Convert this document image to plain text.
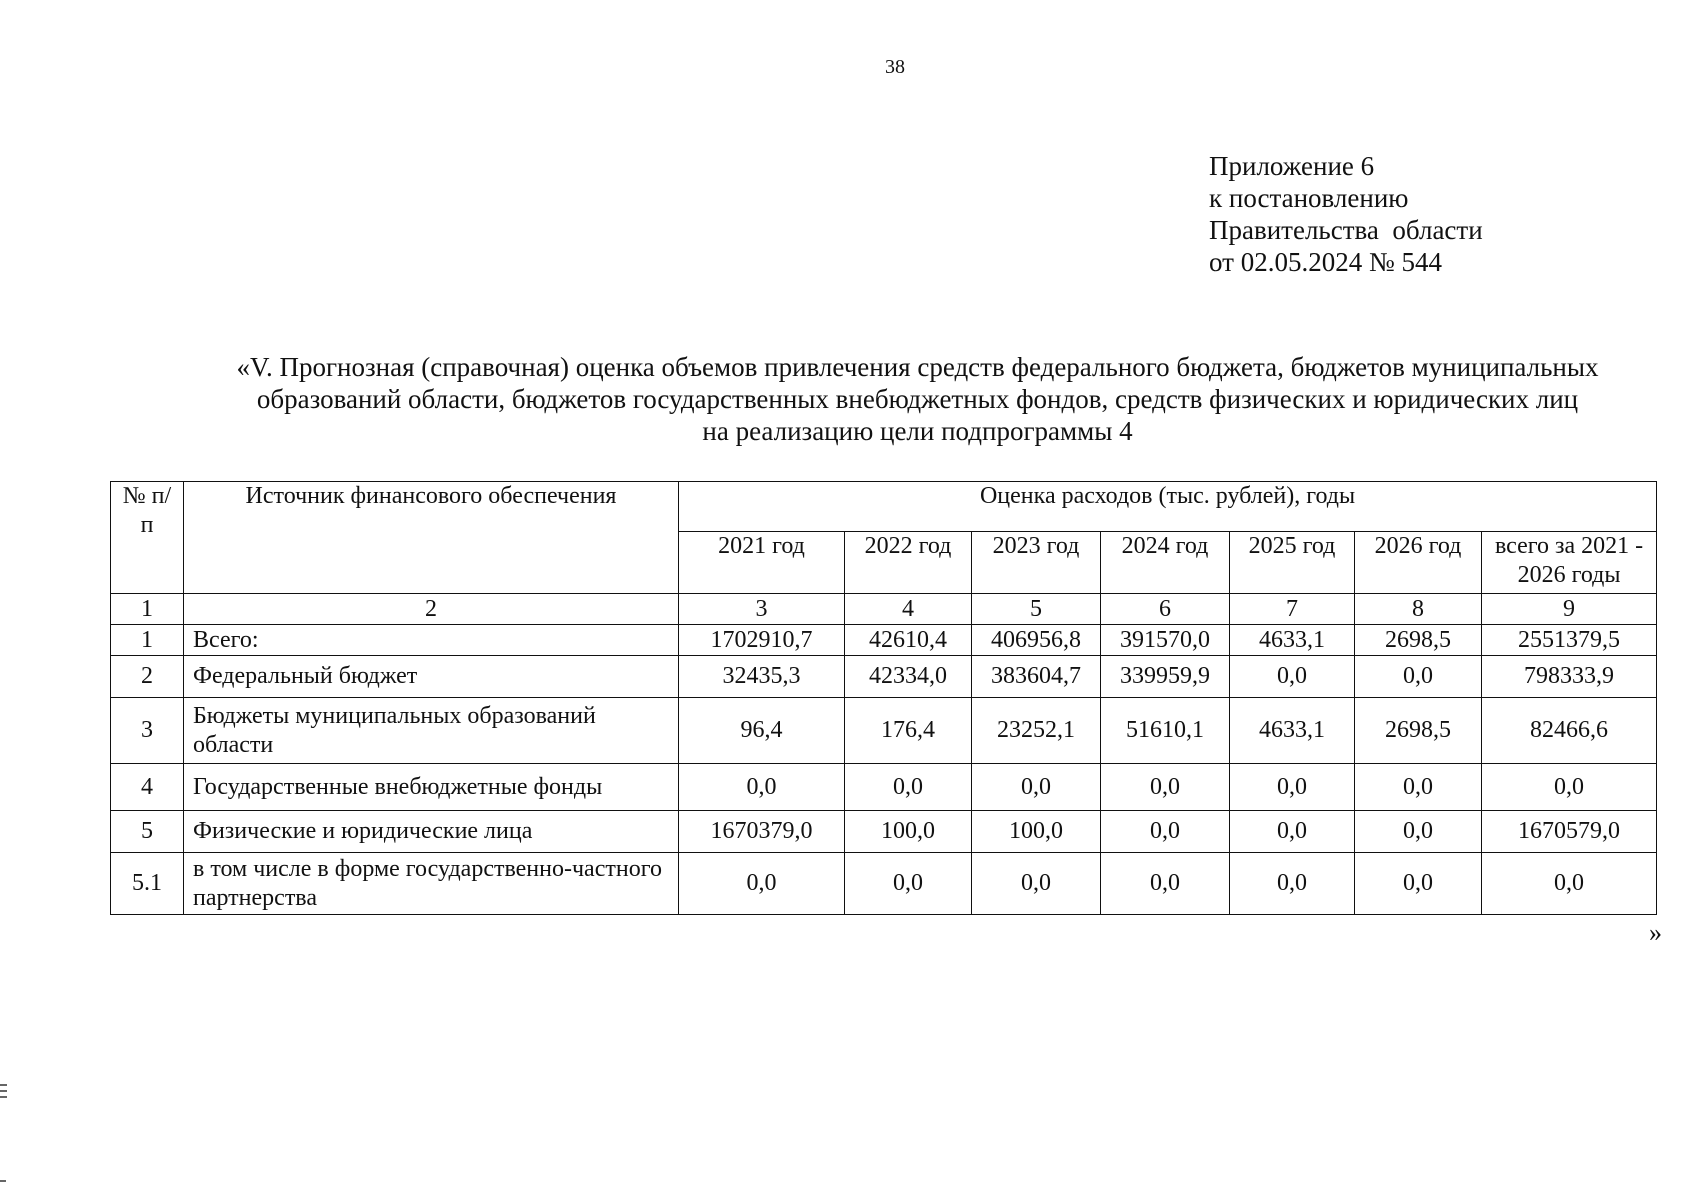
38
Приложение 6
к постановлению
Правительства  области
от 02.05.2024 № 544
«V. Прогнозная (справочная) оценка объемов привлечения средств федерального бюджета, бюджетов муниципальных
образований области, бюджетов государственных внебюджетных фондов, средств физических и юридических лиц
на реализацию цели подпрограммы 4
№ п/п	Источник финансового обеспечения	Оценка расходов (тыс. рублей), годы						
		2021 год	2022 год	2023 год	2024 год	2025 год	2026 год	всего за 2021 - 2026 годы
1	2	3	4	5	6	7	8	9
1	Всего:	1702910,7	42610,4	406956,8	391570,0	4633,1	2698,5	2551379,5
2	Федеральный бюджет	32435,3	42334,0	383604,7	339959,9	0,0	0,0	798333,9
3	Бюджеты муниципальных образований области	96,4	176,4	23252,1	51610,1	4633,1	2698,5	82466,6
4	Государственные внебюджетные фонды	0,0	0,0	0,0	0,0	0,0	0,0	0,0
5	Физические и юридические лица	1670379,0	100,0	100,0	0,0	0,0	0,0	1670579,0
5.1	в том числе в форме государственно-частного партнерства	0,0	0,0	0,0	0,0	0,0	0,0	0,0
»
